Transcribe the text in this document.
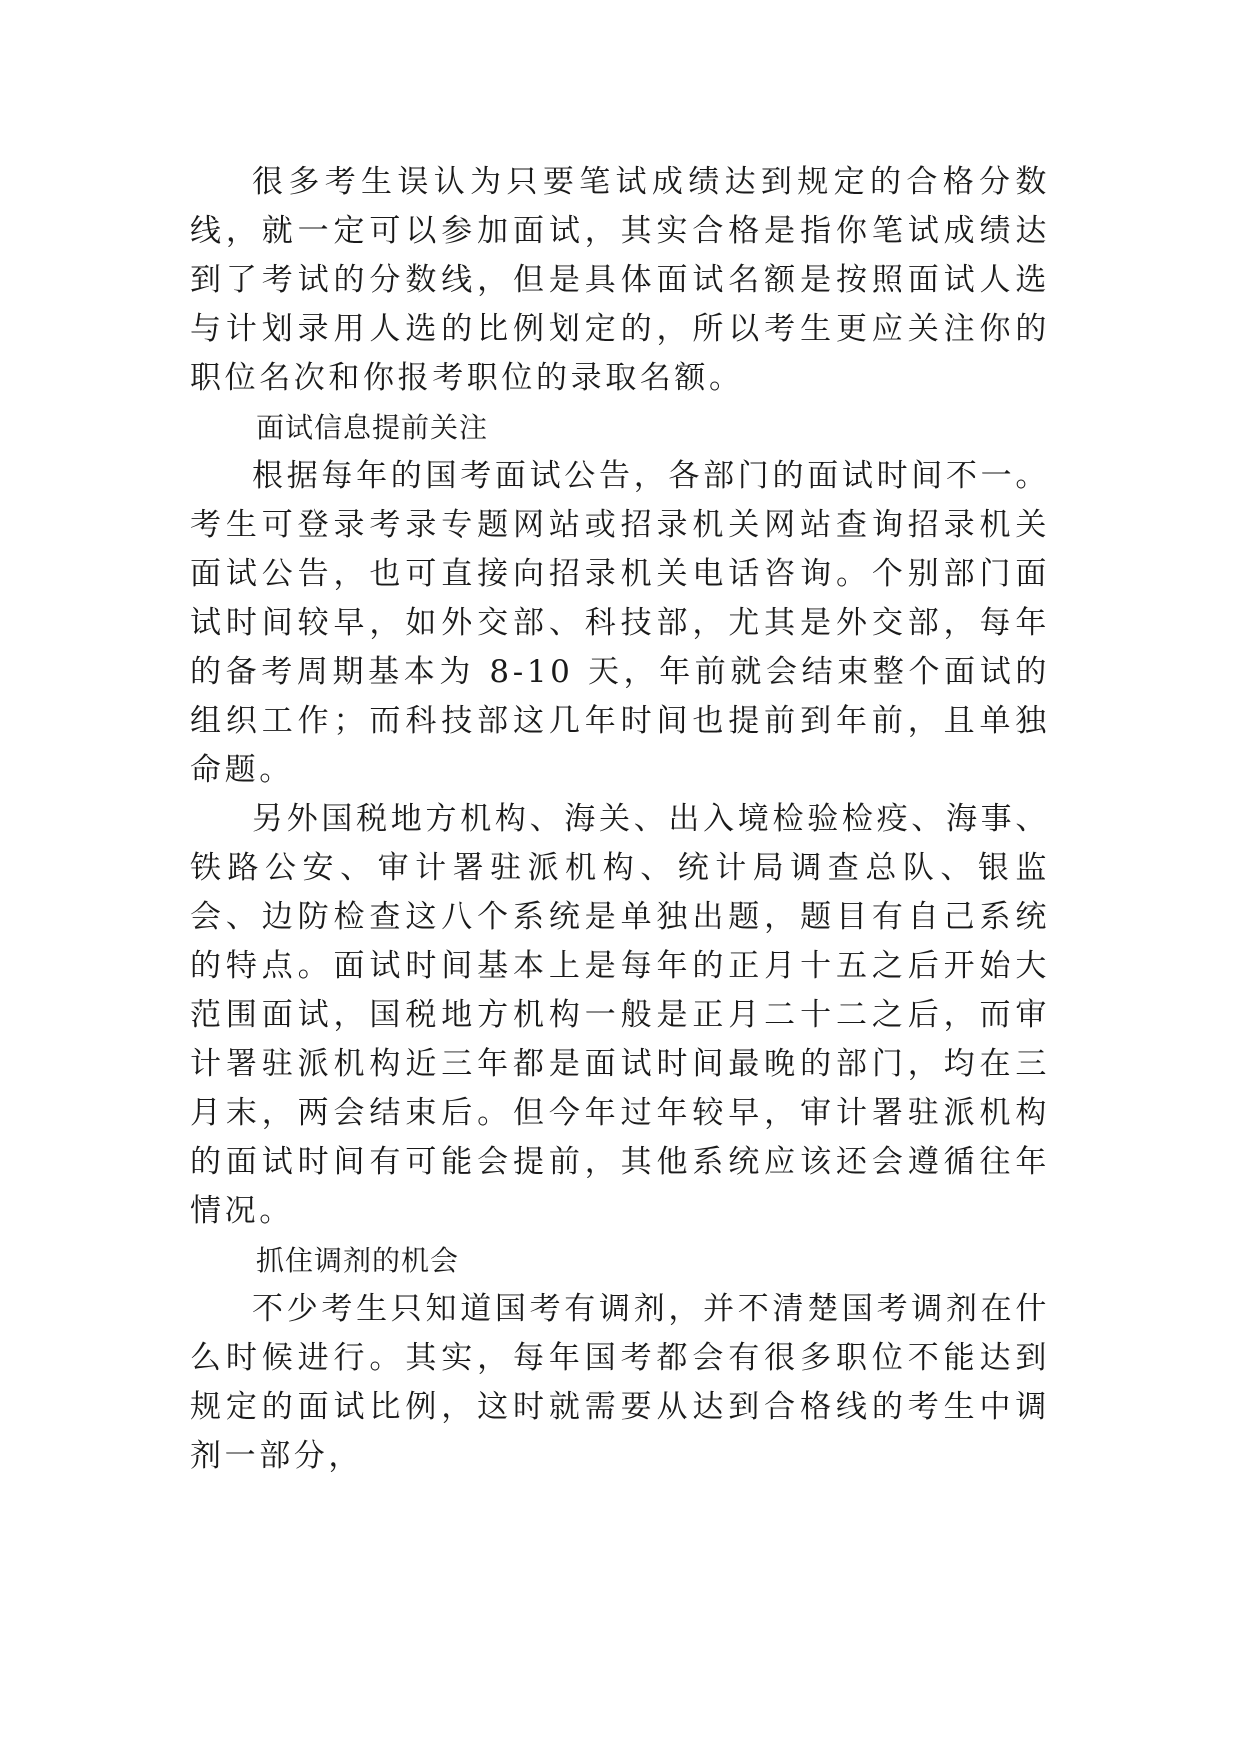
很多考生误认为只要笔试成绩达到规定的合格分数线，就一定可以参加面试，其实合格是指你笔试成绩达到了考试的分数线，但是具体面试名额是按照面试人选与计划录用人选的比例划定的，所以考生更应关注你的职位名次和你报考职位的录取名额。

面试信息提前关注

根据每年的国考面试公告，各部门的面试时间不一。考生可登录考录专题网站或招录机关网站查询招录机关面试公告，也可直接向招录机关电话咨询。个别部门面试时间较早，如外交部、科技部，尤其是外交部，每年的备考周期基本为 8-10 天，年前就会结束整个面试的组织工作；而科技部这几年时间也提前到年前，且单独命题。

另外国税地方机构、海关、出入境检验检疫、海事、铁路公安、审计署驻派机构、统计局调查总队、银监会、边防检查这八个系统是单独出题，题目有自己系统的特点。面试时间基本上是每年的正月十五之后开始大范围面试，国税地方机构一般是正月二十二之后，而审计署驻派机构近三年都是面试时间最晚的部门，均在三月末，两会结束后。但今年过年较早，审计署驻派机构的面试时间有可能会提前，其他系统应该还会遵循往年情况。

抓住调剂的机会

不少考生只知道国考有调剂，并不清楚国考调剂在什么时候进行。其实，每年国考都会有很多职位不能达到规定的面试比例，这时就需要从达到合格线的考生中调剂一部分，
